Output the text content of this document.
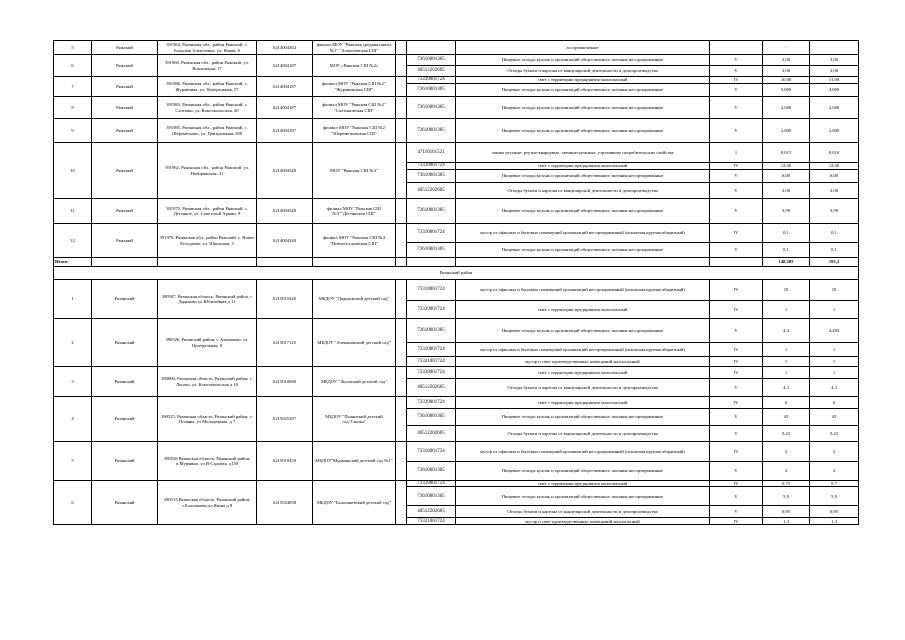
5	Ряжский	391964, Рязанская обл., район Ряжский, с. Большая Алексеевка, ул. Новая, 6	6214004363	филиал МОУ "Ряжская средняя школа №1" "Алексеевская СШ"			ассортиментные		-	
6	Ряжский	391960, Рязанская обл., район Ряжский, ул. Вокзальная, 17	6214004187	МОУ «Ряжская СШ №2»		73610001305	Пищевые отходы кухонь и организаций общественного питания несортированные	V	2,00	3,00
						40512202605	Отходы бумаги и картона от канцелярской деятельности и делопроизводства	V	2,00	2,00
7	Ряжский	391986, Рязанская обл., район Ряжский, с. Журавинка, ул. Центральная, 57	6214004187	филиал МОУ "Ряжская СШ №2" "Журавинская СШ"		73339001724	смет с территории предприятия малоопасный	IV	10,00	11,00
						73610001305	Пищевые отходы кухонь и организаций общественного питания несортированные	V	5,000	4,000
8	Ряжский	391983, Рязанская обл., район Ряжский, с. Салтыки, ул. Комсомольская, 20	6214004187	филиал МОУ "Ряжская СШ №2" "Салтыковская СШ"		73610001305	Пищевые отходы кухонь и организаций общественного питания несортированные	V	2,000	2,000
9	Ряжский	391985, Рязанская обл., район Ряжский, с. Шереметьево, ул. Центральная, 108	6214004187	филиал МОУ "Ряжская СШ №2 "Шереметьевская СШ"		73610001305	Пищевые отходы кухонь и организаций общественного питания несортированные	V	2,000	2,000
10	Ряжский	391962, Рязанская обл., район Ряжский, ул. Новоряжская, 31	6214004340	МОУ "Ряжская СШ №3"		47110101521	лампы ртутные, ртутно-кварцевые, люминесцентные, утратившие потребительские свойства	I	0,015	0,010
						73339001724	смет с территории предприятия малоопасный	IV	12,00	12,00
						73610001305	Пищевые отходы кухонь и организаций общественного питания несортированные	V	6,00	6,00
						40512202605	Отходы бумаги и картона от канцелярской деятельности и делопроизводства	V	2,00	2,00
11	Ряжский	391975, Рязанская обл., район Ряжский, с. Дегтяное, ул. Советской Армии, 9	6214004340	филиал МОУ "Ряжская СШ №3""Дегтянская СШ"		73610001305	Пищевые отходы кухонь и организаций общественного питания несортированные	V	3,99	3,99
12	Ряжский	391976, Рязанская обл., район Ряжский, с. Новое Еголдаево, ул. Школьная, 3	6214004340	филиал МОУ "Ряжская СШ №4 "Новоеголдаевская СШ"		73310001724	мусор от офисных и бытовых помещений организаций несортированный (исключая крупногабаритный)	IV	0,1	0,1
						73610001305	Пищевые отходы кухонь и организаций общественного питания несортированные	V	0,1	0,1
Итого:									148,205	193,2
Рязанский район										
1	Рязанский	390507, Рязанская область, Рязанский район, с Дядьково ул Юбилейная д 11	6215010426	МБДОУ "Дядьковский детский сад"		73310001724	мусор от офисных и бытовых помещений организаций несортированный (исключая крупногабаритный)	IV	10	10
						73339001724	смет с территории предприятия малоопасный	IV	1	1
2	Рязанский	390526, Рязанский район, с Алеканово, ул. Центральная, 8	6215017125	МБДОУ "Алекановский детский сад"		73610001305	Пищевые отходы кухонь и организаций общественного питания несортированные	V	4,4	4,405
						73310001724	мусор от офисных и бытовых помещений организаций несортированный (исключая крупногабаритный)	IV	1	1
						73321001724	мусор и смет производственных помещений малоопасный	IV	1	1
3	Рязанский	390000, Рязанская область, Рязанский район, с. Льгово, ул. Комсомольская д 18	6215010600	МБДОУ "Льговский детский сад"		73339001724	смет с территории предприятия малоопасный	IV	1	1
						40512202605	Отходы бумаги и картона от канцелярской деятельности и делопроизводства	V	4,3	4,3
4	Рязанский	390525, Рязанская область, Рязанский район, с. Поляны, ул Молодежная, д 7	6215025207	МБДОУ "Полянский детский сад"Сказка"		73339001724	смет с территории предприятия малоопасный	IV	0	0
						73610001305	Пищевые отходы кухонь и организаций общественного питания несортированные	V	45	45
						40512202605	Отходы бумаги и картона от канцелярской деятельности и делопроизводства	V	0,25	0,25
5	Рязанский	390528 Рязанская область, Рязанский район, п.Мурмино, ул.В-Садовая, д150	6215010450	МБДОУ"Мурминский детский сад №1"		73310001724	мусор от офисных и бытовых помещений организаций несортированный (исключая крупногабаритный)	IV	2	2
						73610001305	Пищевые отходы кухонь и организаций общественного питания несортированные	V	2	2
6	Рязанский	390513,Рязанская область, Рязанский район, с.Болошнево,ул.Якова д 8	6215024838	МБДОУ "Болошневский детский сад"		73339001724	смет с территории предприятия малоопасный	IV	0,75	0,7
						73610001305	Пищевые отходы кухонь и организаций общественного питания несортированные	V	5,9	5,9
						40512202605	Отходы бумаги и картона от канцелярской деятельности и делопроизводства	V	0,95	0,95
						73321001724	мусор и смет производственных помещений малоопасный	IV	1,3	1,3
